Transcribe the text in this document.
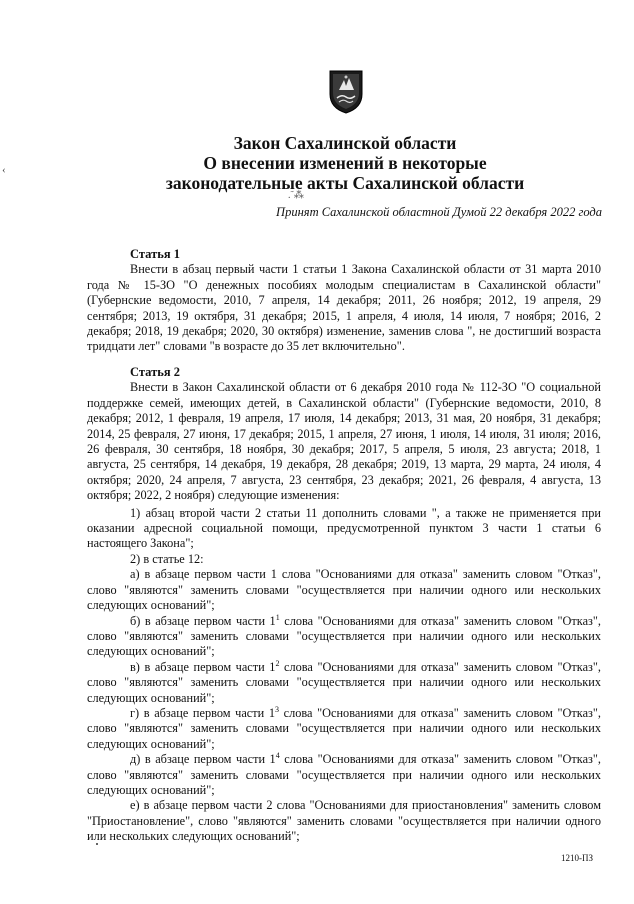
‹
Закон Сахалинской области
О внесении изменений в некоторые
законодательные акты Сахалинской области
.˜⁂
Принят Сахалинской областной Думой 22 декабря 2022 года

Статья 1

Внести в абзац первый части 1 статьи 1 Закона Сахалинской области от 31 марта 2010 года № 15-ЗО "О денежных пособиях молодым специалистам в Сахалинской области" (Губернские ведомости, 2010, 7 апреля, 14 декабря; 2011, 26 ноября; 2012, 19 апреля, 29 сентября; 2013, 19 октября, 31 декабря; 2015, 1 апреля, 4 июля, 14 июля, 7 ноября; 2016, 2 декабря; 2018, 19 декабря; 2020, 30 октября) изменение, заменив слова ", не достигший возраста тридцати лет" словами "в возрасте до 35 лет включительно".

Статья 2

Внести в Закон Сахалинской области от 6 декабря 2010 года № 112-ЗО "О социальной поддержке семей, имеющих детей, в Сахалинской области" (Губернские ведомости, 2010, 8 декабря; 2012, 1 февраля, 19 апреля, 17 июля, 14 декабря; 2013, 31 мая, 20 ноября, 31 декабря; 2014, 25 февраля, 27 июня, 17 декабря; 2015, 1 апреля, 27 июня, 1 июля, 14 июля, 31 июля; 2016, 26 февраля, 30 сентября, 18 ноября, 30 декабря; 2017, 5 апреля, 5 июля, 23 августа; 2018, 1 августа, 25 сентября, 14 декабря, 19 декабря, 28 декабря; 2019, 13 марта, 29 марта, 24 июля, 4 октября; 2020, 24 апреля, 7 августа, 23 сентября, 23 декабря; 2021, 26 февраля, 4 августа, 13 октября; 2022, 2 ноября) следующие изменения:

1) абзац второй части 2 статьи 11 дополнить словами ", а также не применяется при оказании адресной социальной помощи, предусмотренной пунктом 3 части 1 статьи 6 настоящего Закона";

2) в статье 12:

а) в абзаце первом части 1 слова "Основаниями для отказа" заменить словом "Отказ", слово "являются" заменить словами "осуществляется при наличии одного или нескольких следующих оснований";

б) в абзаце первом части $1^1$ слова "Основаниями для отказа" заменить словом "Отказ", слово "являются" заменить словами "осуществляется при наличии одного или нескольких следующих оснований";

в) в абзаце первом части $1^2$ слова "Основаниями для отказа" заменить словом "Отказ", слово "являются" заменить словами "осуществляется при наличии одного или нескольких следующих оснований";

г) в абзаце первом части $1^3$ слова "Основаниями для отказа" заменить словом "Отказ", слово "являются" заменить словами "осуществляется при наличии одного или нескольких следующих оснований";

д) в абзаце первом части $1^4$ слова "Основаниями для отказа" заменить словом "Отказ", слово "являются" заменить словами "осуществляется при наличии одного или нескольких следующих оснований";

е) в абзаце первом части 2 слова "Основаниями для приостановления" заменить словом "Приостановление", слово "являются" заменить словами "осуществляется при наличии одного или нескольких следующих оснований";

1210-ПЗ
